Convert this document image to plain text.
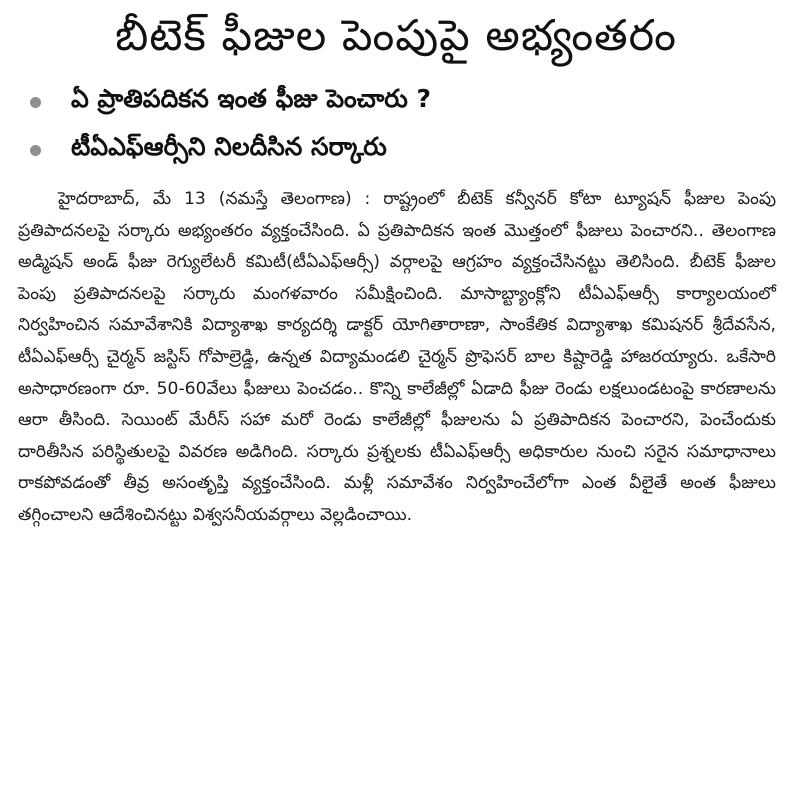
బీటెక్ ఫీజుల పెంపుపై అభ్యంతరం
ఏ ప్రాతిపదికన ఇంత ఫీజు పెంచారు ?
టీఏఎఫ్ఆర్సీని నిలదీసిన సర్కారు

హైదరాబాద్, మే 13 (నమస్తే తెలంగాణ) : రాష్ట్రంలో బీటెక్ కన్వీనర్ కోటా ట్యూషన్ ఫీజుల పెంపు ప్రతిపాదనలపై సర్కారు అభ్యంతరం వ్యక్తంచేసింది. ఏ ప్రతిపాదికన ఇంత మొత్తంలో ఫీజులు పెంచారని.. తెలంగాణ అడ్మిషన్ అండ్ ఫీజు రెగ్యులేటరీ కమిటీ(టీఏఎఫ్ఆర్సీ) వర్గాలపై ఆగ్రహం వ్యక్తంచేసినట్టు తెలిసింది. బీటెక్ ఫీజుల పెంపు ప్రతిపాదనలపై సర్కారు మంగళవారం సమీక్షించింది. మాసాబ్ట్యాంక్లోని టీఏఎఫ్ఆర్సీ కార్యాలయంలో నిర్వహించిన సమావేశానికి విద్యాశాఖ కార్యదర్శి డాక్టర్ యోగితారాణా, సాంకేతిక విద్యాశాఖ కమిషనర్ శ్రీదేవసేన, టీఏఎఫ్ఆర్సీ చైర్మన్ జస్టిస్ గోపాల్రెడ్డి, ఉన్నత విద్యామండలి చైర్మన్ ప్రొఫెసర్ బాల కిష్టారెడ్డి హాజరయ్యారు. ఒకేసారి అసాధారణంగా రూ. 50-60వేలు ఫీజులు పెంచడం.. కొన్ని కాలేజీల్లో ఏడాది ఫీజు రెండు లక్షలుండటంపై కారణాలను ఆరా తీసింది. సెయింట్ మేరీస్ సహా మరో రెండు కాలేజీల్లో ఫీజులను ఏ ప్రతిపాదికన పెంచారని, పెంచేందుకు దారితీసిన పరిస్థితులపై వివరణ అడిగింది. సర్కారు ప్రశ్నలకు టీఏఎఫ్ఆర్సీ అధికారుల నుంచి సరైన సమాధానాలు రాకపోవడంతో తీవ్ర అసంతృప్తి వ్యక్తంచేసింది. మళ్లీ సమావేశం నిర్వహించేలోగా ఎంత వీలైతే అంత ఫీజులు తగ్గించాలని ఆదేశించినట్టు విశ్వసనీయవర్గాలు వెల్లడించాయి.
